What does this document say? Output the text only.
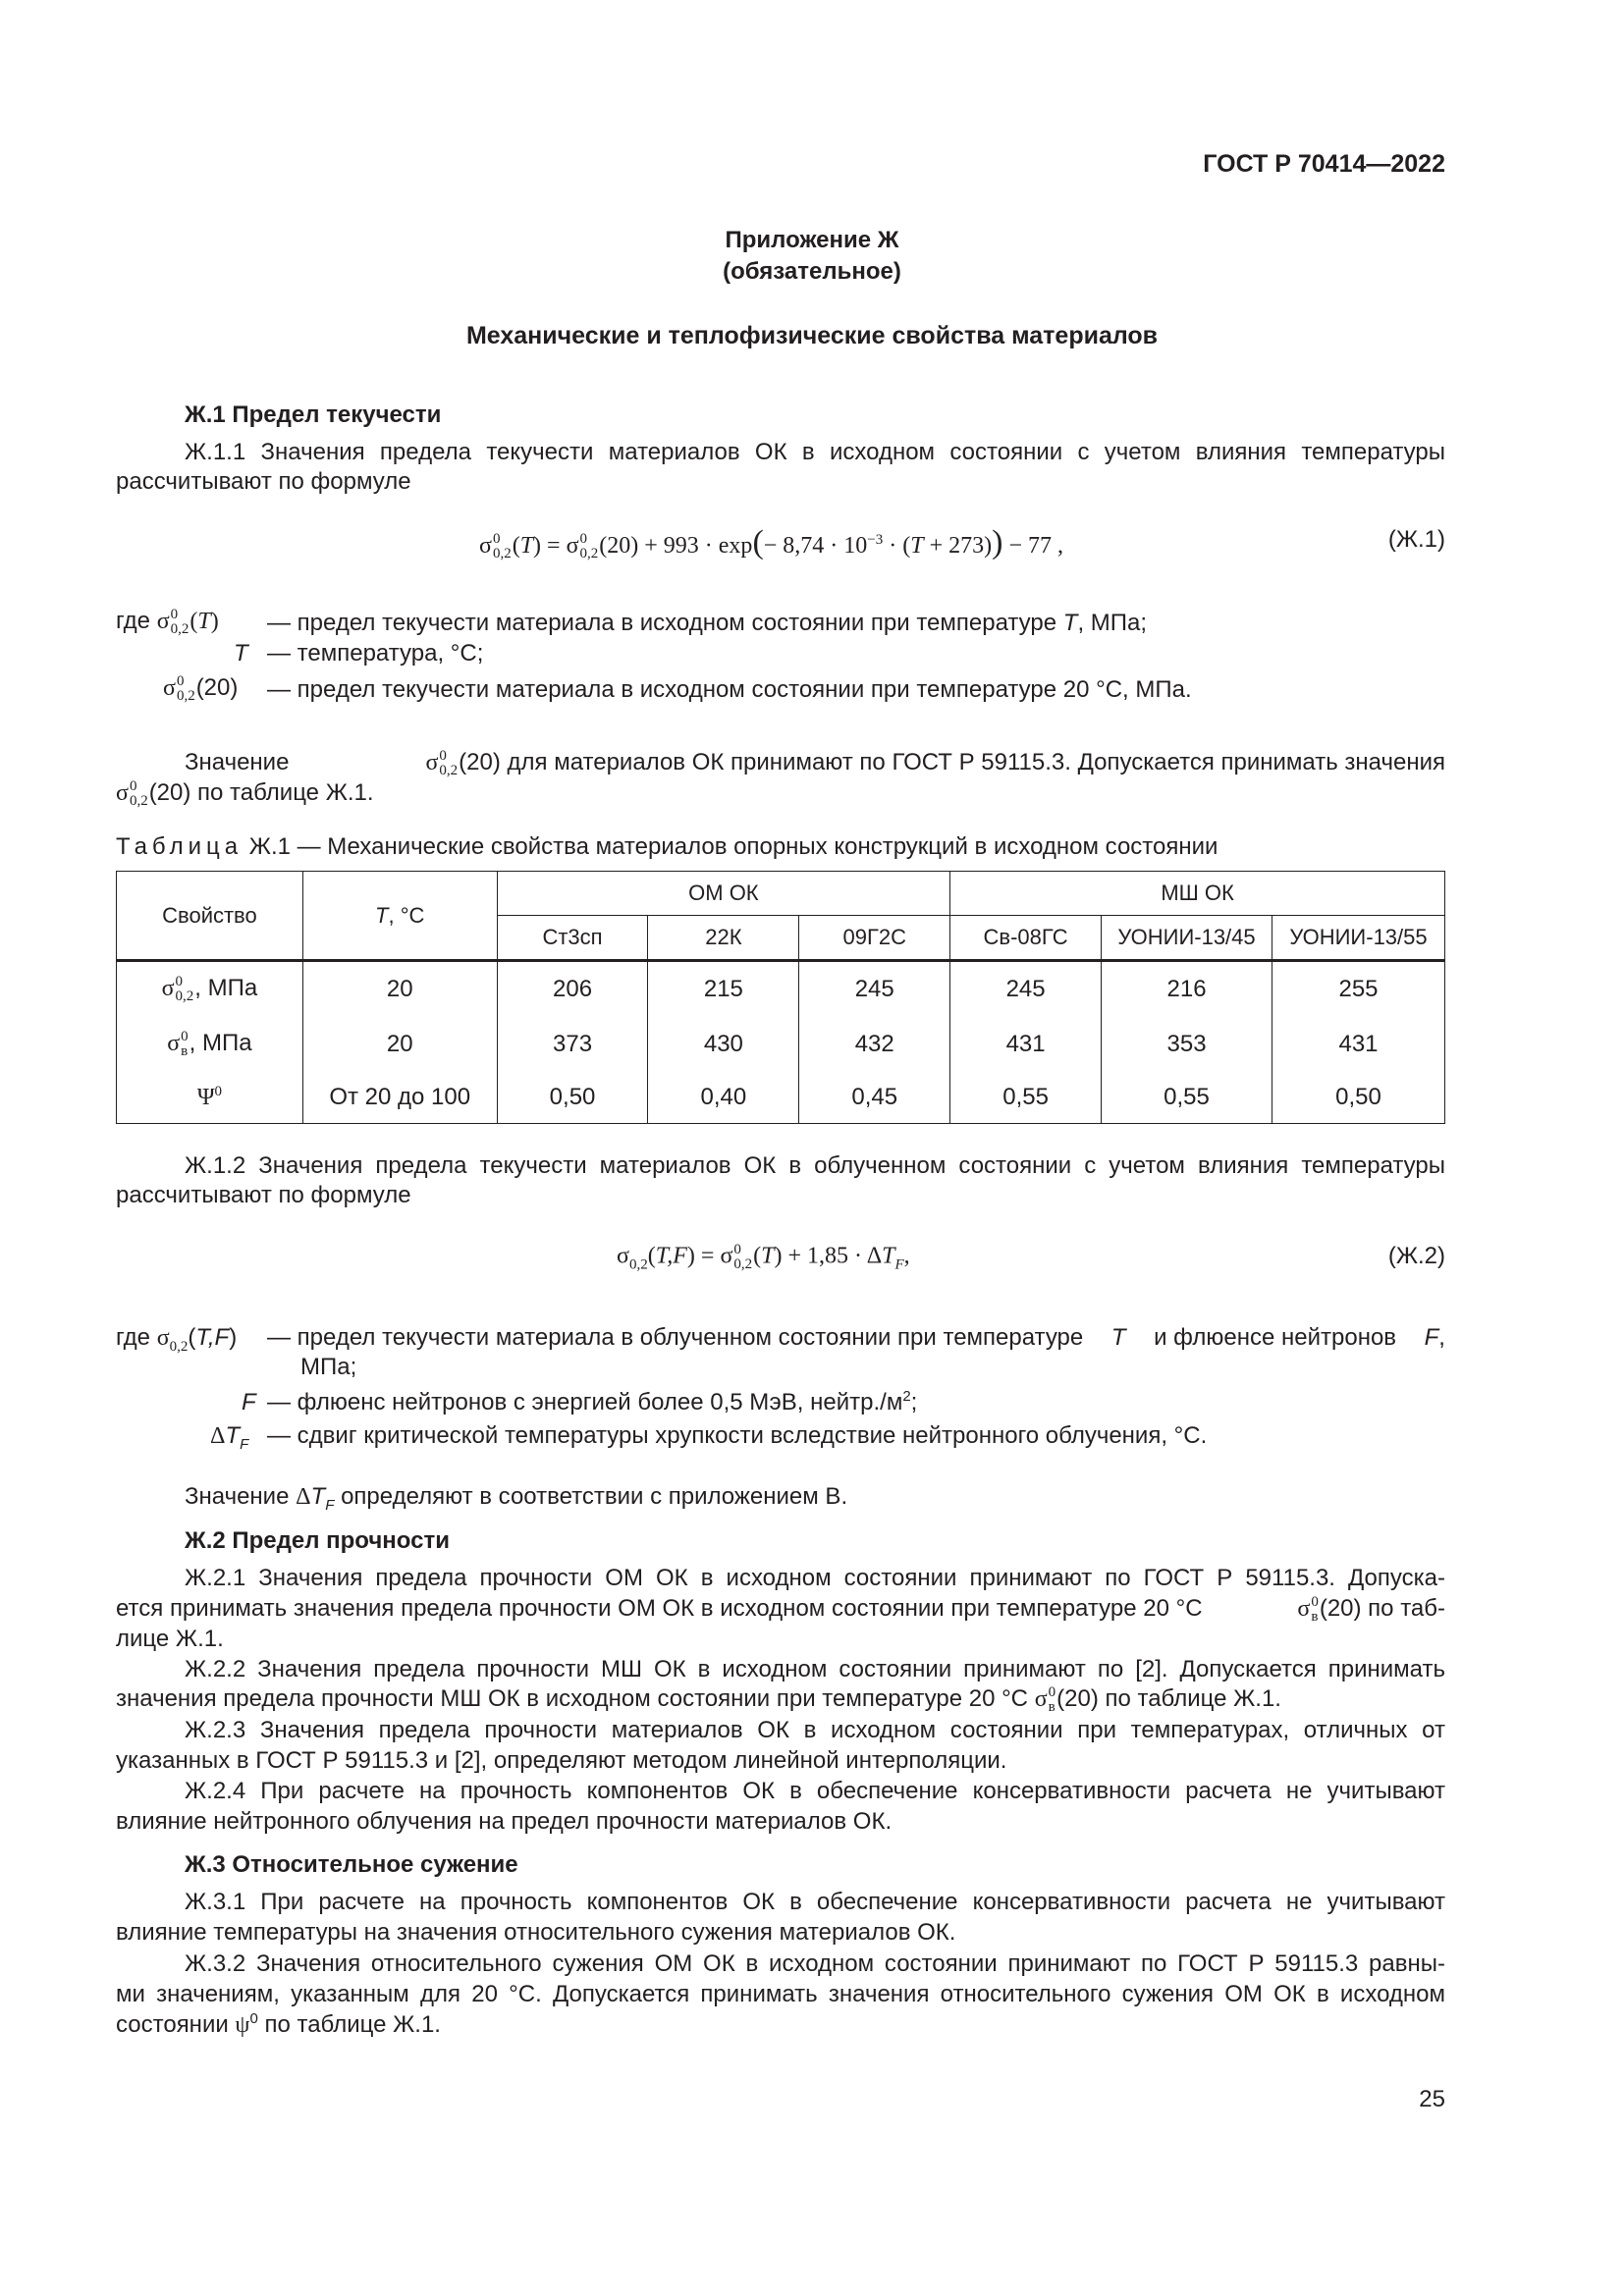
ГОСТ Р 70414—2022
Приложение Ж
(обязательное)
Механические и теплофизические свойства материалов
Ж.1 Предел текучести
Ж.1.1 Значения предела текучести материалов ОК в исходном состоянии с учетом влияния температуры
рассчитывают по формуле
σ 0
0,2 (T) = σ 0
0,2 $(20) + 993 \cdot \exp(- 8,74 \cdot 10^{-3} \cdot (T + 273)) - 77$ ,	(Ж.1)
где σ 0
0,2 (T) — предел текучести материала в исходном состоянии при температуре T, МПа;
T — температура, °С;
σ 0
0,2 (20) — предел текучести материала в исходном состоянии при температуре 20 °С, МПа.
Значение	σ 0
0,2 (20) для материалов ОК принимают по ГОСТ Р 59115.3. Допускается принимать значения
σ 0
0,2 (20) по таблице Ж.1.
Таблица Ж.1 — Механические свойства материалов опорных конструкций в исходном состоянии
Свойство	T, °С	ОМ ОК			МШ ОК		
		Ст3сп	22К	09Г2С	Св-08ГС	УОНИИ-13/45	УОНИИ-13/55
σ 0
0,2 , МПа	20	206	215	245	245	216	255
σ 0
в , МПа	20	373	430	432	431	353	431
$\Psi^0$	От 20 до 100	0,50	0,40	0,45	0,55	0,55	0,50
Ж.1.2 Значения предела текучести материалов ОК в облученном состоянии с учетом влияния температуры
рассчитывают по формуле
$\sigma_{0,2}(T,F) = \sigma$ 0
0,2 $(T) + 1,85 \cdot \Delta T_F$,	(Ж.2)
где $\sigma_{0,2}(T,F)$ — предел текучести материала в облученном состоянии при температуре T и флюенсе нейтронов F,
МПа;
F — флюенс нейтронов с энергией более 0,5 МэВ, $нейтр./м^2$;
$\Delta T_F$ — сдвиг критической температуры хрупкости вследствие нейтронного облучения, °С.
Значение $\Delta T_F$ определяют в соответствии с приложением В.
Ж.2 Предел прочности
Ж.2.1 Значения предела прочности ОМ ОК в исходном состоянии принимают по ГОСТ Р 59115.3. Допуска-
ется принимать значения предела прочности ОМ ОК в исходном состоянии при температуре 20 °С	σ 0
в (20) по таб-
лице Ж.1.
Ж.2.2 Значения предела прочности МШ ОК в исходном состоянии принимают по [2]. Допускается принимать
значения предела прочности МШ ОК в исходном состоянии при температуре 20 °С σ 0
в (20) по таблице Ж.1.
Ж.2.3 Значения предела прочности материалов ОК в исходном состоянии при температурах, отличных от
указанных в ГОСТ Р 59115.3 и [2], определяют методом линейной интерполяции.
Ж.2.4 При расчете на прочность компонентов ОК в обеспечение консервативности расчета не учитывают
влияние нейтронного облучения на предел прочности материалов ОК.
Ж.3 Относительное сужение
Ж.3.1 При расчете на прочность компонентов ОК в обеспечение консервативности расчета не учитывают
влияние температуры на значения относительного сужения материалов ОК.
Ж.3.2 Значения относительного сужения ОМ ОК в исходном состоянии принимают по ГОСТ Р 59115.3 равны-
ми значениям, указанным для 20 °С. Допускается принимать значения относительного сужения ОМ ОК в исходном
состоянии $\psi^0$ по таблице Ж.1.
25
